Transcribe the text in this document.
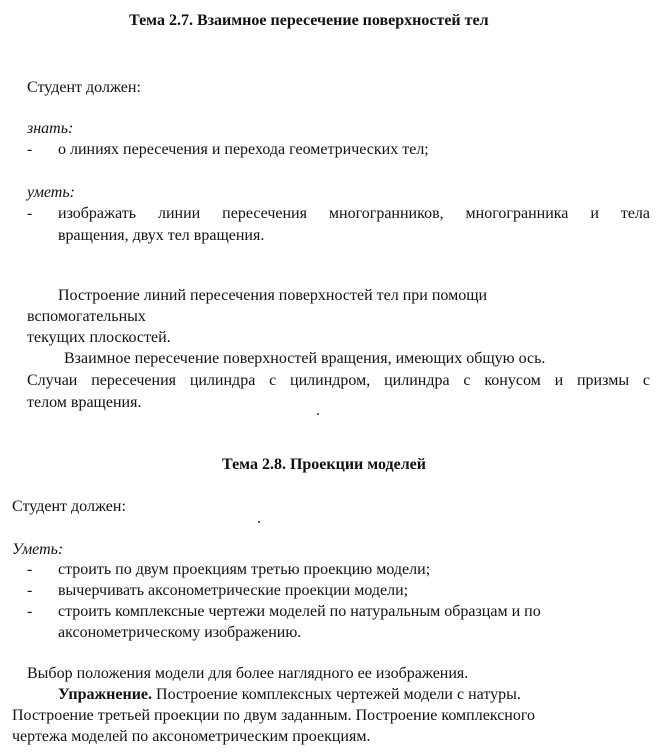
Тема 2.7. Взаимное пересечение поверхностей тел
Студент должен:
знать:
- о линиях пересечения и перехода геометрических тел;
уметь:
- изображать линии пересечения многогранников, многогранника и тела
вращения, двух тел вращения.
Построение линий пересечения поверхностей тел при помощи
вспомогательных
текущих плоскостей.
Взаимное пересечение поверхностей вращения, имеющих общую ось.
Случаи пересечения цилиндра с цилиндром, цилиндра с конусом и призмы с
телом вращения.
Тема 2.8. Проекции моделей
Студент должен:
Уметь:
- строить по двум проекциям третью проекцию модели;
- вычерчивать аксонометрические проекции модели;
- строить комплексные чертежи моделей по натуральным образцам и по
аксонометрическому изображению.
Выбор положения модели для более наглядного ее изображения.
Упражнение. Построение комплексных чертежей модели с натуры.
Построение третьей проекции по двум заданным. Построение комплексного
чертежа моделей по аксонометрическим проекциям.
